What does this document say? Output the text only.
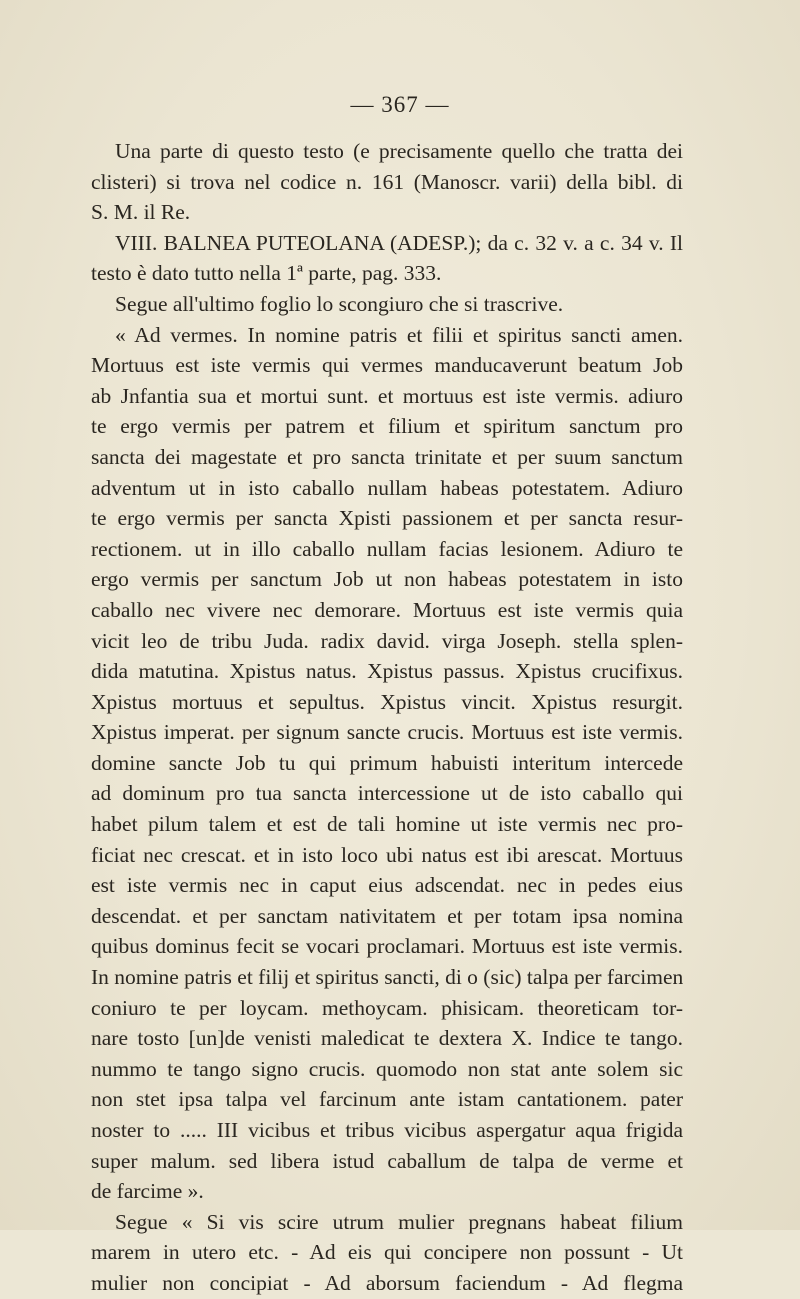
— 367 —
Una parte di questo testo (e precisamente quello che tratta dei
clisteri) si trova nel codice n. 161 (Manoscr. varii) della bibl. di
S. M. il Re.
VIII. BALNEA PUTEOLANA (ADESP.); da c. 32 v. a c. 34 v. Il
testo è dato tutto nella 1ª parte, pag. 333.
Segue all'ultimo foglio lo scongiuro che si trascrive.
« Ad vermes. In nomine patris et filii et spiritus sancti amen.
Mortuus est iste vermis qui vermes manducaverunt beatum Job
ab Jnfantia sua et mortui sunt. et mortuus est iste vermis. adiuro
te ergo vermis per patrem et filium et spiritum sanctum pro
sancta dei magestate et pro sancta trinitate et per suum sanctum
adventum ut in isto caballo nullam habeas potestatem. Adiuro
te ergo vermis per sancta Xpisti passionem et per sancta resur-
rectionem. ut in illo caballo nullam facias lesionem. Adiuro te
ergo vermis per sanctum Job ut non habeas potestatem in isto
caballo nec vivere nec demorare. Mortuus est iste vermis quia
vicit leo de tribu Juda. radix david. virga Joseph. stella splen-
dida matutina. Xpistus natus. Xpistus passus. Xpistus crucifixus.
Xpistus mortuus et sepultus. Xpistus vincit. Xpistus resurgit.
Xpistus imperat. per signum sancte crucis. Mortuus est iste vermis.
domine sancte Job tu qui primum habuisti interitum intercede
ad dominum pro tua sancta intercessione ut de isto caballo qui
habet pilum talem et est de tali homine ut iste vermis nec pro-
ficiat nec crescat. et in isto loco ubi natus est ibi arescat. Mortuus
est iste vermis nec in caput eius adscendat. nec in pedes eius
descendat. et per sanctam nativitatem et per totam ipsa nomina
quibus dominus fecit se vocari proclamari. Mortuus est iste vermis.
In nomine patris et filij et spiritus sancti, di o (sic) talpa per farcimen
coniuro te per loycam. methoycam. phisicam. theoreticam tor-
nare tosto [un]de venisti maledicat te dextera X. Indice te tango.
nummo te tango signo crucis. quomodo non stat ante solem sic
non stet ipsa talpa vel farcinum ante istam cantationem. pater
noster to ..... III vicibus et tribus vicibus aspergatur aqua frigida
super malum. sed libera istud caballum de talpa de verme et
de farcime ».
Segue « Si vis scire utrum mulier pregnans habeat filium
marem in utero etc. - Ad eis qui concipere non possunt - Ut
mulier non concipiat - Ad aborsum faciendum - Ad flegma
